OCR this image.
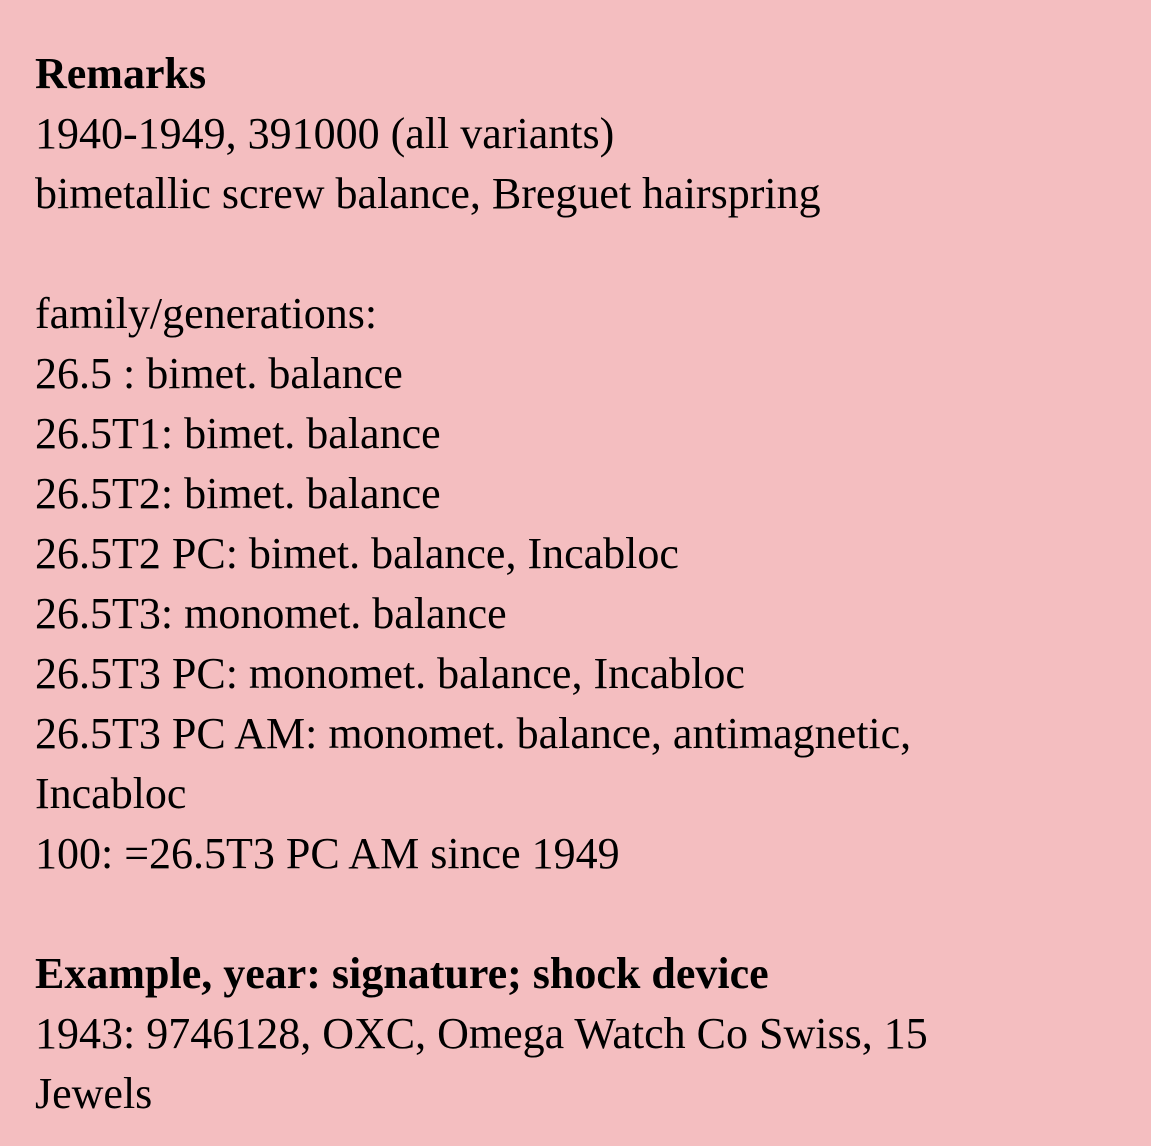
Remarks
1940-1949, 391000 (all variants)
bimetallic screw balance, Breguet hairspring
family/generations:
26.5 : bimet. balance
26.5T1: bimet. balance
26.5T2: bimet. balance
26.5T2 PC: bimet. balance, Incabloc
26.5T3: monomet. balance
26.5T3 PC: monomet. balance, Incabloc
26.5T3 PC AM: monomet. balance, antimagnetic,
Incabloc
100: =26.5T3 PC AM since 1949
Example, year: signature; shock device
1943: 9746128, OXC, Omega Watch Co Swiss, 15
Jewels
